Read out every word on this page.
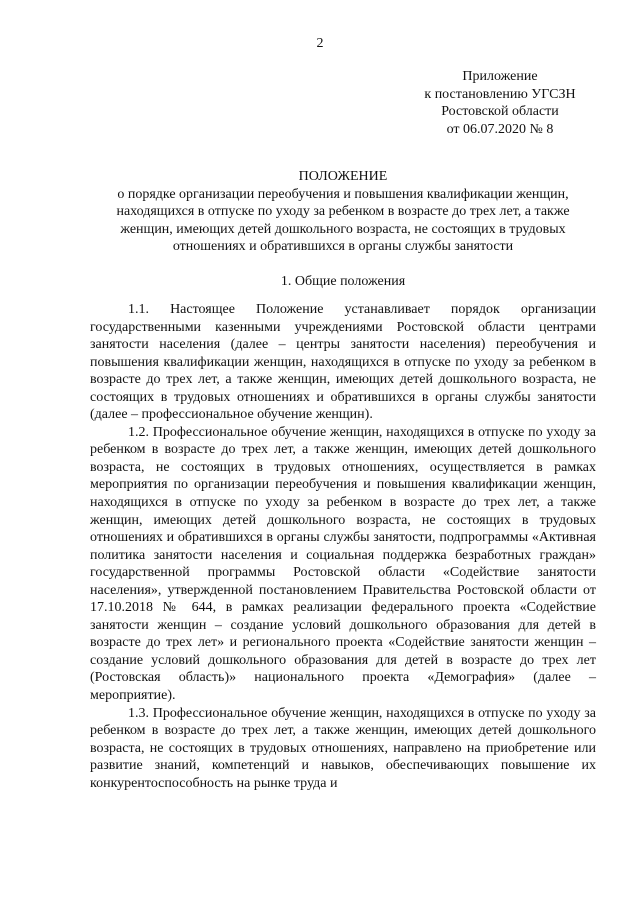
2
Приложение
к постановлению УГСЗН
Ростовской области
от 06.07.2020 № 8
ПОЛОЖЕНИЕ
о порядке организации переобучения и повышения квалификации женщин,
находящихся в отпуске по уходу за ребенком в возрасте до трех лет, а также
женщин, имеющих детей дошкольного возраста, не состоящих в трудовых
отношениях и обратившихся в органы службы занятости
1. Общие положения

1.1. Настоящее Положение устанавливает порядок организации государственными казенными учреждениями Ростовской области центрами занятости населения (далее – центры занятости населения) переобучения и повышения квалификации женщин, находящихся в отпуске по уходу за ребенком в возрасте до трех лет, а также женщин, имеющих детей дошкольного возраста, не состоящих в трудовых отношениях и обратившихся в органы службы занятости (далее – профессиональное обучение женщин).

1.2. Профессиональное обучение женщин, находящихся в отпуске по уходу за ребенком в возрасте до трех лет, а также женщин, имеющих детей дошкольного возраста, не состоящих в трудовых отношениях, осуществляется в рамках мероприятия по организации переобучения и повышения квалификации женщин, находящихся в отпуске по уходу за ребенком в возрасте до трех лет, а также женщин, имеющих детей дошкольного возраста, не состоящих в трудовых отношениях и обратившихся в органы службы занятости, подпрограммы «Активная политика занятости населения и социальная поддержка безработных граждан» государственной программы Ростовской области «Содействие занятости населения», утвержденной постановлением Правительства Ростовской области от 17.10.2018 № 644, в рамках реализации федерального проекта «Содействие занятости женщин – создание условий дошкольного образования для детей в возрасте до трех лет» и регионального проекта «Содействие занятости женщин – создание условий дошкольного образования для детей в возрасте до трех лет (Ростовская область)» национального проекта «Демография» (далее – мероприятие).

1.3. Профессиональное обучение женщин, находящихся в отпуске по уходу за ребенком в возрасте до трех лет, а также женщин, имеющих детей дошкольного возраста, не состоящих в трудовых отношениях, направлено на приобретение или развитие знаний, компетенций и навыков, обеспечивающих повышение их конкурентоспособность на рынке труда и
